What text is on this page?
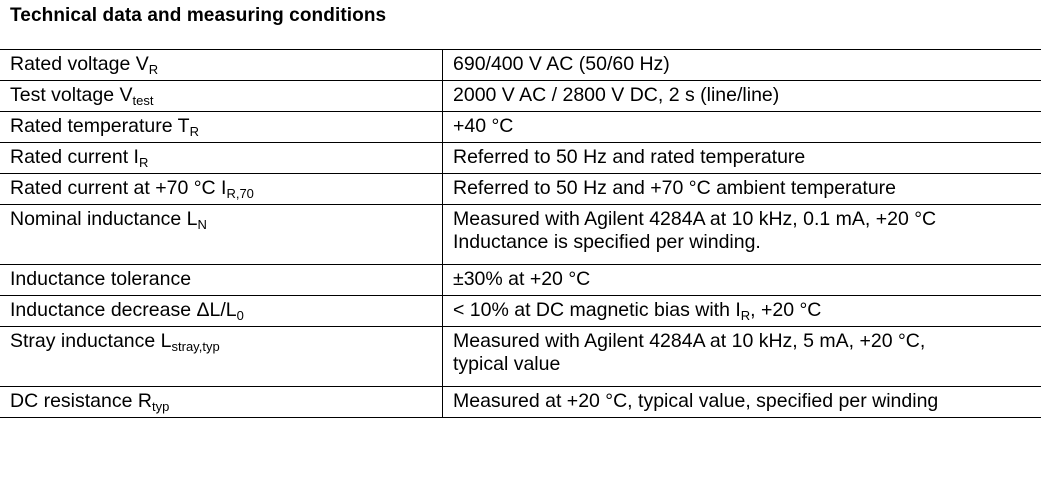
Technical data and measuring conditions
Rated voltage $V_R$	690/400 V AC (50/60 Hz)
Test voltage $V_{test}$	2000 V AC / 2800 V DC, 2 s (line/line)
Rated temperature $T_R$	+40 °C
Rated current $I_R$	Referred to 50 Hz and rated temperature
Rated current at +70 °C $I_{R,70}$	Referred to 50 Hz and +70 °C ambient temperature
Nominal inductance $L_N$	Measured with Agilent 4284A at 10 kHz, 0.1 mA, +20 °C
Inductance is specified per winding.

Inductance tolerance	±30% at +20 °C
Inductance decrease $\Delta L/L_0$	< 10% at DC magnetic bias with $I_R$, +20 °C
Stray inductance $L_{stray,typ}$	Measured with Agilent 4284A at 10 kHz, 5 mA, +20 °C,
typical value

DC resistance $R_{typ}$	Measured at +20 °C, typical value, specified per winding
